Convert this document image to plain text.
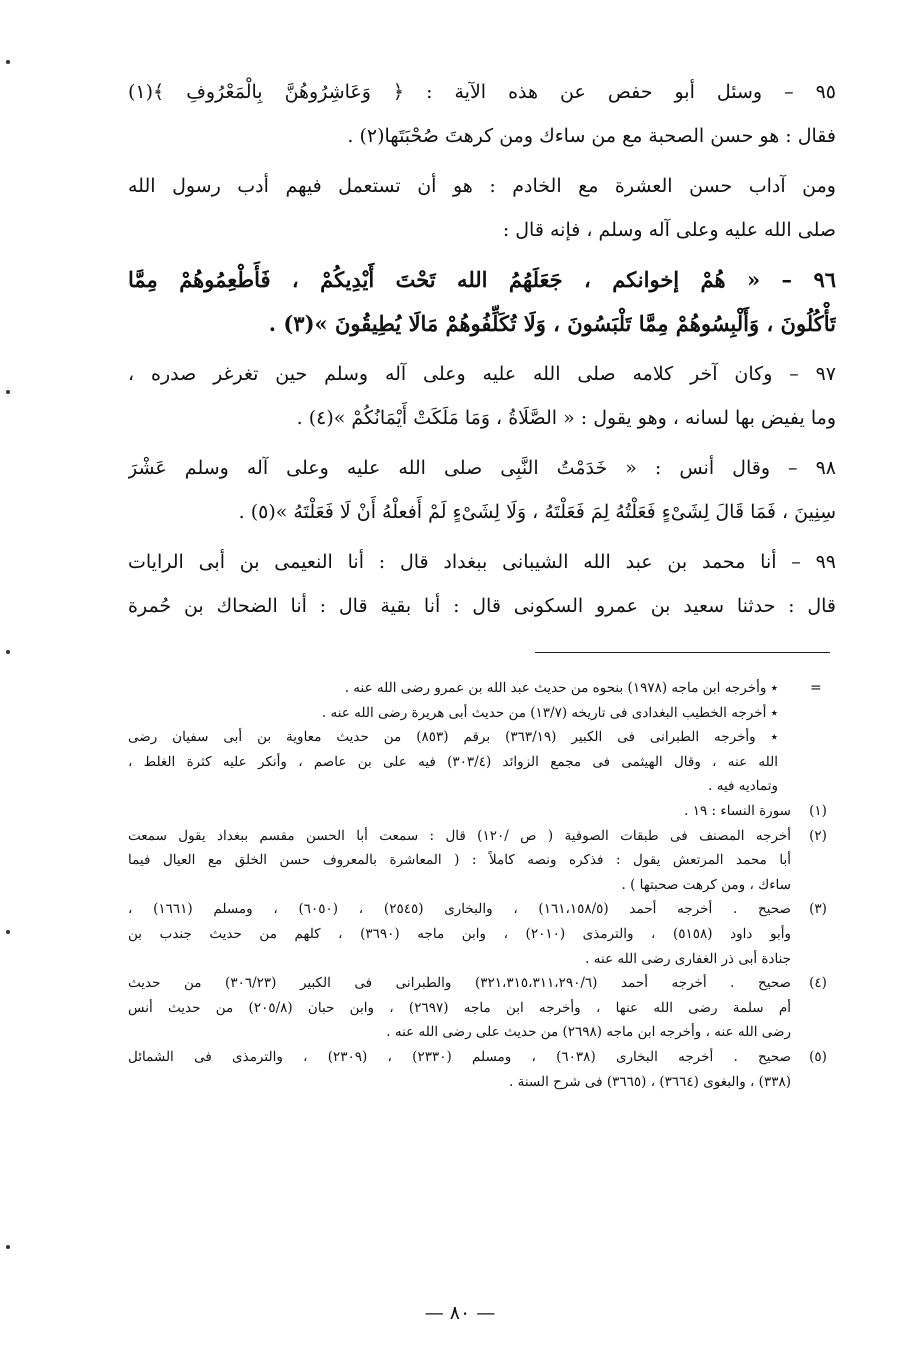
٩٥ – وسئل أبو حفص عن هذه الآية : ﴿ وَعَاشِرُوهُنَّ بِالْمَعْرُوفِ ﴾(١)
فقال : هو حسن الصحبة مع من ساءك ومن كرهتَ صُحْبَتَها(٢) .
ومن آداب حسن العشرة مع الخادم : هو أن تستعمل فيهم أدب رسول الله
صلى الله عليه وعلى آله وسلم ، فإنه قال :
٩٦ – « هُمْ إخوانكم ، جَعَلَهُمُ الله تَحْتَ أَيْدِيكُمْ ، فَأَطْعِمُوهُمْ مِمَّا
تَأْكُلُونَ ، وَأَلْبِسُوهُمْ مِمَّا تَلْبَسُونَ ، وَلَا تُكَلِّفُوهُمْ مَالَا يُطِيقُونَ »(٣) .
٩٧ – وكان آخر كلامه صلى الله عليه وعلى آله وسلم حين تغرغر صدره ،
وما يفيض بها لسانه ، وهو يقول : « الصَّلَاةُ ، وَمَا مَلَكَتْ أَيْمَانُكُمْ »(٤) .
٩٨ – وقال أنس : « خَدَمْتُ النَّبِى صلى الله عليه وعلى آله وسلم عَشْرَ
سِنِينَ ، فَمَا قَالَ لِشَىْءٍ فَعَلْتُهُ لِمَ فَعَلْتَهُ ، وَلَا لِشَىْءٍ لَمْ أَفعلْهُ أَنْ لَا فَعَلْتَهُ »(٥) .
٩٩ – أنا محمد بن عبد الله الشيبانى ببغداد قال : أنا النعيمى بن أبى الرايات
قال : حدثنا سعيد بن عمرو السكونى قال : أنا بقية قال : أنا الضحاك بن حُمرة
=
٭ وأخرجه ابن ماجه (١٩٧٨) بنحوه من حديث عبد الله بن عمرو رضى الله عنه .
٭ أخرجه الخطيب البغدادى فى تاريخه (١٣/٧) من حديث أبى هريرة رضى الله عنه .
٭ وأخرجه الطبرانى فى الكبير (٣٦٣/١٩) برقم (٨٥٣) من حديث معاوية بن أبى سفيان رضى
الله عنه ، وقال الهيثمى فى مجمع الزوائد (٣٠٣/٤) فيه على بن عاصم ، وأنكر عليه كثرة الغلط ،
وتماديه فيه .
(١)
سورة النساء : ١٩ .
(٢)
أخرجه المصنف فى طبقات الصوفية ( ص /١٢٠) قال : سمعت أبا الحسن مقسم ببغداد يقول سمعت
أبا محمد المرتعش يقول : فذكره ونصه كاملاً : ( المعاشرة بالمعروف حسن الخلق مع العيال فيما
ساءك ، ومن كرهت صحبتها ) .
(٣)
صحيح . أخرجه أحمد (١٦١،١٥٨/٥) ، والبخارى (٢٥٤٥) ، (٦٠٥٠) ، ومسلم (١٦٦١) ،
وأبو داود (٥١٥٨) ، والترمذى (٢٠١٠) ، وابن ماجه (٣٦٩٠) ، كلهم من حديث جندب بن
جنادة أبى ذر الغفارى رضى الله عنه .
(٤)
صحيح . أخرجه أحمد (٣٢١،٣١٥،٣١١،٢٩٠/٦) والطبرانى فى الكبير (٣٠٦/٢٣) من حديث
أم سلمة رضى الله عنها ، وأخرجه ابن ماجه (٢٦٩٧) ، وابن حبان (٢٠٥/٨) من حديث أنس
رضى الله عنه ، وأخرجه ابن ماجه (٢٦٩٨) من حديث على رضى الله عنه .
(٥)
صحيح . أخرجه البخارى (٦٠٣٨) ، ومسلم (٢٣٣٠) ، (٢٣٠٩) ، والترمذى فى الشمائل
(٣٣٨) ، والبغوى (٣٦٦٤) ، (٣٦٦٥) فى شرح السنة .
— ٨٠ —
